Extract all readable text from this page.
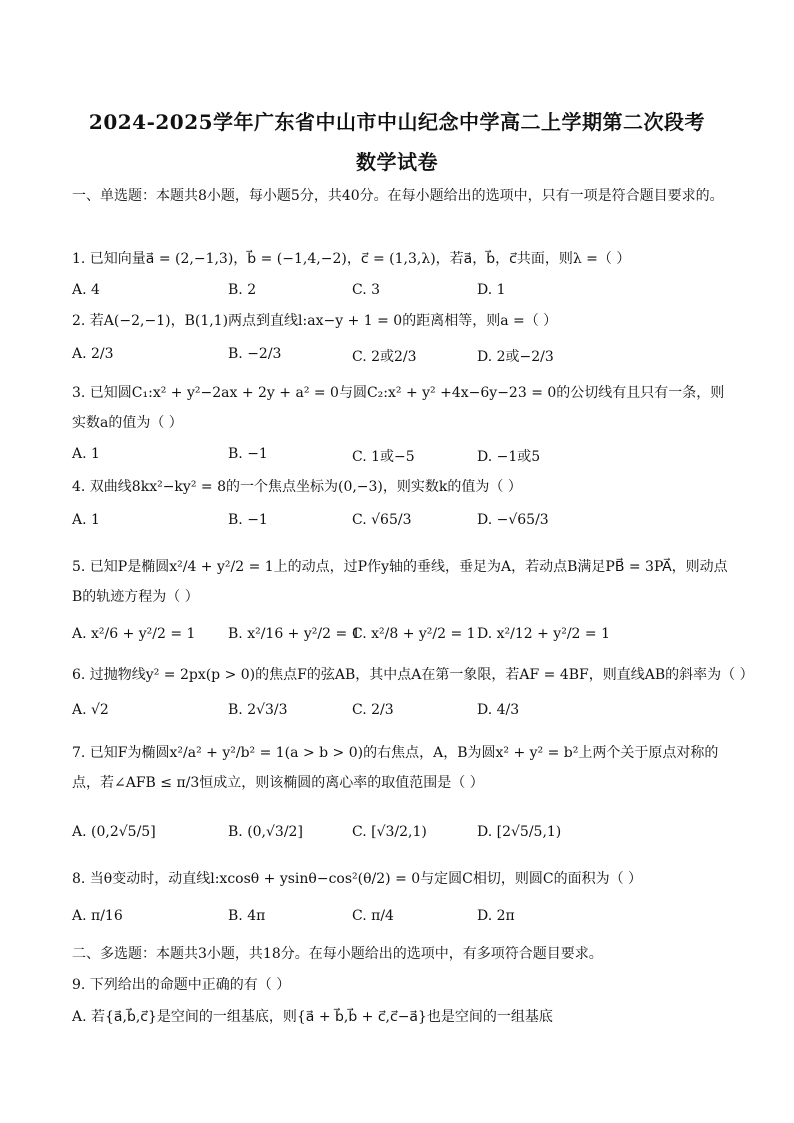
2024-2025学年广东省中山市中山纪念中学高二上学期第二次段考
数学试卷
一、单选题：本题共8小题，每小题5分，共40分。在每小题给出的选项中，只有一项是符合题目要求的。
1. 已知向量a⃗ = (2,−1,3)，b⃗ = (−1,4,−2)，c⃗ = (1,3,λ)，若a⃗，b⃗，c⃗共面，则λ =（ ）
A. 4	B. 2	C. 3	D. 1
2. 若A(−2,−1)，B(1,1)两点到直线l:ax−y + 1 = 0的距离相等，则a =（ ）
A. 2/3	B. −2/3	C. 2或2/3	D. 2或−2/3
3. 已知圆C₁:x² + y²−2ax + 2y + a² = 0与圆C₂:x² + y² +4x−6y−23 = 0的公切线有且只有一条，则实数a的值为（ ）
A. 1	B. −1	C. 1或−5	D. −1或5
4. 双曲线8kx²−ky² = 8的一个焦点坐标为(0,−3)，则实数k的值为（ ）
A. 1	B. −1	C. √65/3	D. −√65/3
5. 已知P是椭圆x²/4 + y²/2 = 1上的动点，过P作y轴的垂线，垂足为A，若动点B满足PB⃗ = 3PA⃗，则动点B的轨迹方程为（ ）
A. x²/6 + y²/2 = 1 B. x²/16 + y²/2 = 1
C. x²/8 + y²/2 = 1 D. x²/12 + y²/2 = 1
6. 过抛物线y² = 2px(p > 0)的焦点F的弦AB，其中点A在第一象限，若AF = 4BF，则直线AB的斜率为（ ）
A. √2	B. 2√3/3	C. 2/3	D. 4/3
7. 已知F为椭圆x²/a² + y²/b² = 1(a > b > 0)的右焦点，A，B为圆x² + y² = b²上两个关于原点对称的点，若∠AFB ≤ π/3恒成立，则该椭圆的离心率的取值范围是（ ）
A. (0,2√5/5]	B. (0,√3/2]	C. [√3/2,1)	D. [2√5/5,1)
8. 当θ变动时，动直线l:xcosθ + ysinθ−cos²(θ/2) = 0与定圆C相切，则圆C的面积为（ ）
A. π/16	B. 4π	C. π/4	D. 2π
二、多选题：本题共3小题，共18分。在每小题给出的选项中，有多项符合题目要求。
9. 下列给出的命题中正确的有（ ）
A. 若{a⃗,b⃗,c⃗}是空间的一组基底，则{a⃗ + b⃗,b⃗ + c⃗,c⃗−a⃗}也是空间的一组基底
